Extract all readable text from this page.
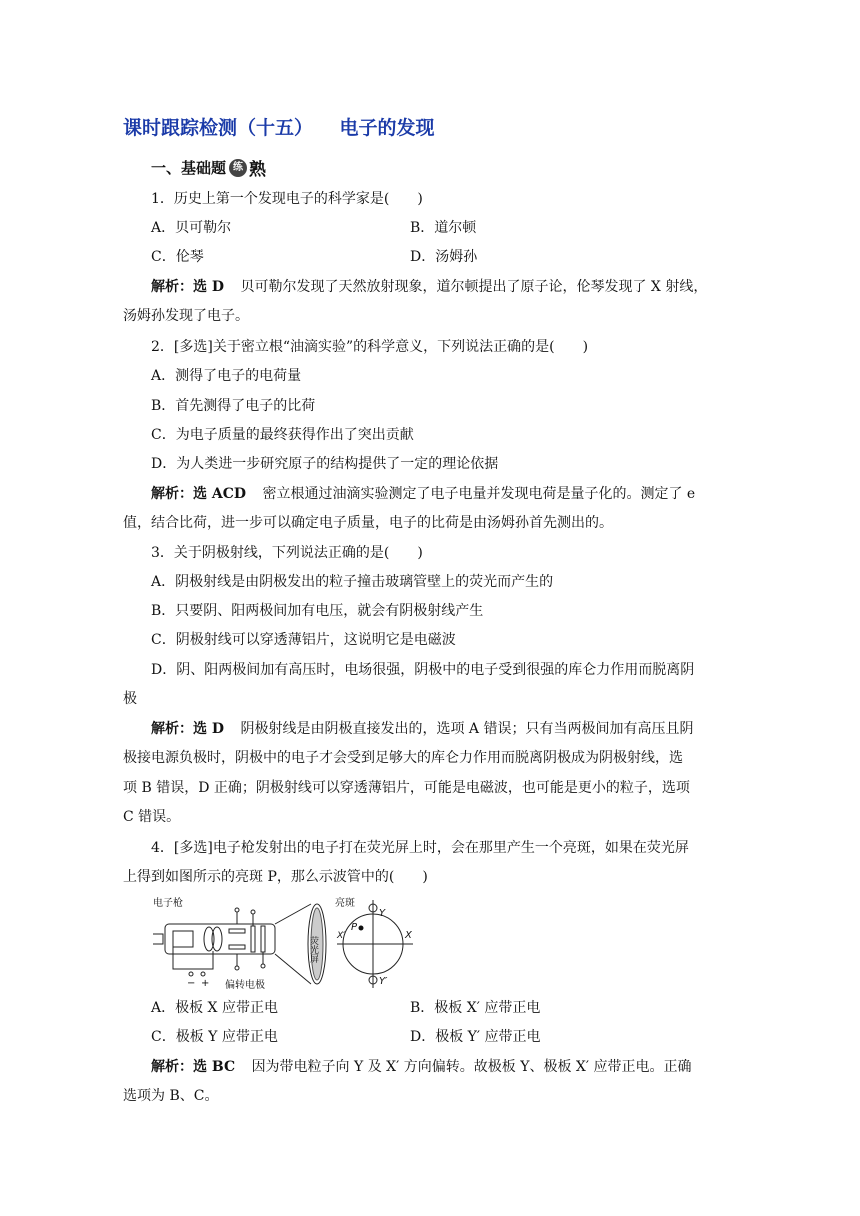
课时跟踪检测（十五）    电子的发现
一、基础题 练 熟
1．历史上第一个发现电子的科学家是(　　)
A．贝可勒尔	B．道尔顿
C．伦琴	D．汤姆孙
解析：选 D 贝可勒尔发现了天然放射现象，道尔顿提出了原子论，伦琴发现了 X 射线，
汤姆孙发现了电子。
2．[多选]关于密立根“油滴实验”的科学意义，下列说法正确的是(　　)
A．测得了电子的电荷量
B．首先测得了电子的比荷
C．为电子质量的最终获得作出了突出贡献
D．为人类进一步研究原子的结构提供了一定的理论依据
解析：选 ACD 密立根通过油滴实验测定了电子电量并发现电荷是量子化的。测定了 e
值，结合比荷，进一步可以确定电子质量，电子的比荷是由汤姆孙首先测出的。
3．关于阴极射线，下列说法正确的是(　　)
A．阴极射线是由阴极发出的粒子撞击玻璃管壁上的荧光而产生的
B．只要阴、阳两极间加有电压，就会有阴极射线产生
C．阴极射线可以穿透薄铝片，这说明它是电磁波
D．阴、阳两极间加有高压时，电场很强，阴极中的电子受到很强的库仑力作用而脱离阴
极
解析：选 D 阴极射线是由阴极直接发出的，选项 A 错误；只有当两极间加有高压且阴
极接电源负极时，阴极中的电子才会受到足够大的库仑力作用而脱离阴极成为阴极射线，选
项 B 错误，D 正确；阴极射线可以穿透薄铝片，可能是电磁波，也可能是更小的粒子，选项
C 错误。
4．[多选]电子枪发射出的电子打在荧光屏上时，会在那里产生一个亮斑，如果在荧光屏
上得到如图所示的亮斑 P，那么示波管中的(　　)
电子枪
偏转电极
亮斑
荧光屏
Y
Y′
X
X′
P
− +
A．极板 X 应带正电	B．极板 X′ 应带正电
C．极板 Y 应带正电	D．极板 Y′ 应带正电
解析：选 BC 因为带电粒子向 Y 及 X′ 方向偏转。故极板 Y、极板 X′ 应带正电。正确
选项为 B、C。
